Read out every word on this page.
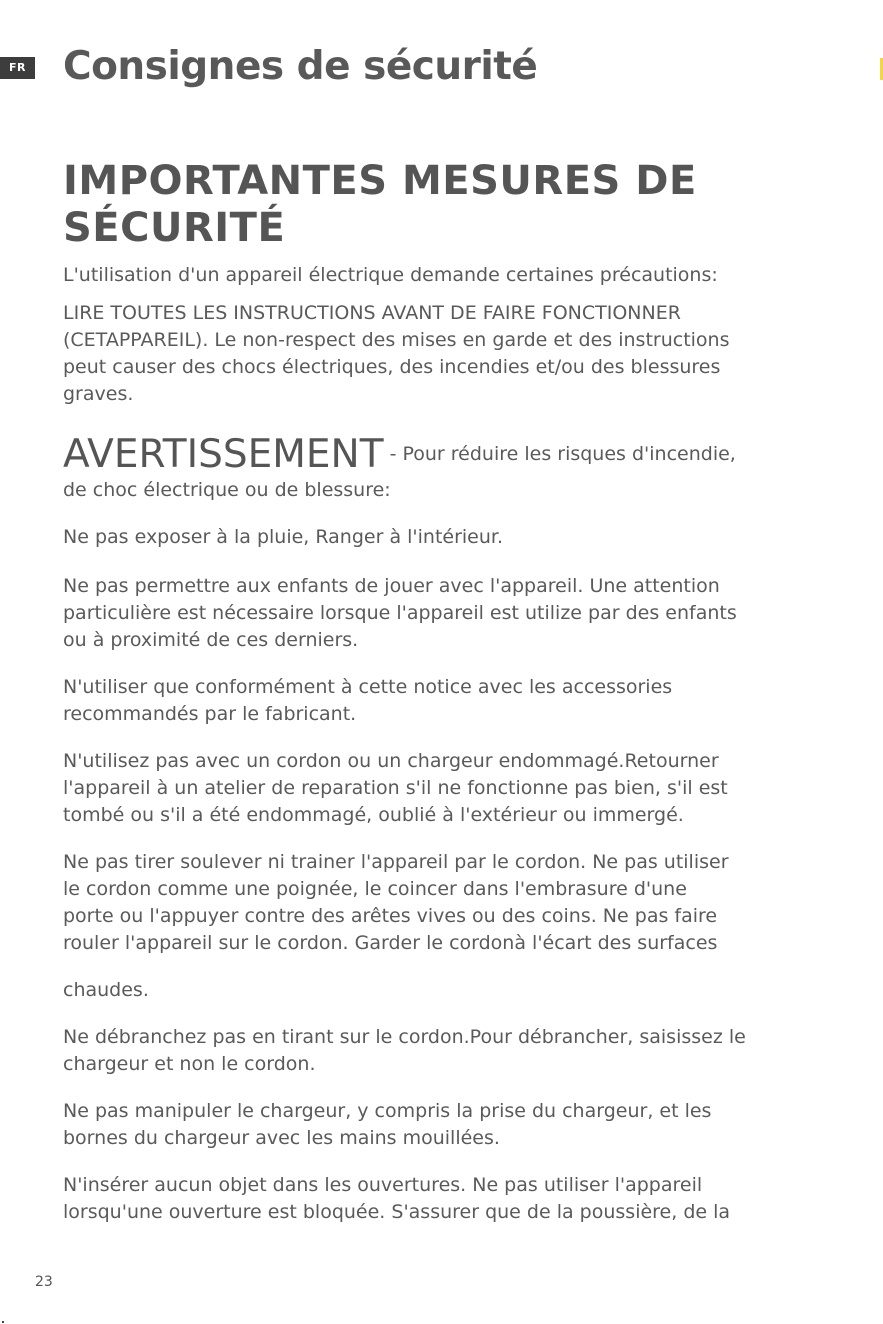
FR Consignes de sécurité
IMPORTANTES MESURES DE
SÉCURITÉ

L'utilisation d'un appareil électrique demande certaines précautions:

LIRE TOUTES LES INSTRUCTIONS AVANT DE FAIRE FONCTIONNER
(CETAPPAREIL). Le non-respect des mises en garde et des instructions
peut causer des chocs électriques, des incendies et/ou des blessures
graves.

AVERTISSEMENT - Pour réduire les risques d'incendie,
de choc électrique ou de blessure:

Ne pas exposer à la pluie, Ranger à l'intérieur.

Ne pas permettre aux enfants de jouer avec l'appareil. Une attention
particulière est nécessaire lorsque l'appareil est utilize par des enfants
ou à proximité de ces derniers.

N'utiliser que conformément à cette notice avec les accessories
recommandés par le fabricant.

N'utilisez pas avec un cordon ou un chargeur endommagé.Retourner
l'appareil à un atelier de reparation s'il ne fonctionne pas bien, s'il est
tombé ou s'il a été endommagé, oublié à l'extérieur ou immergé.

Ne pas tirer soulever ni trainer l'appareil par le cordon. Ne pas utiliser
le cordon comme une poignée, le coincer dans l'embrasure d'une
porte ou l'appuyer contre des arêtes vives ou des coins. Ne pas faire
rouler l'appareil sur le cordon. Garder le cordonà l'écart des surfaces

chaudes.

Ne débranchez pas en tirant sur le cordon.Pour débrancher, saisissez le
chargeur et non le cordon.

Ne pas manipuler le chargeur, y compris la prise du chargeur, et les
bornes du chargeur avec les mains mouillées.

N'insérer aucun objet dans les ouvertures. Ne pas utiliser l'appareil
lorsqu'une ouverture est bloquée. S'assurer que de la poussière, de la

23
